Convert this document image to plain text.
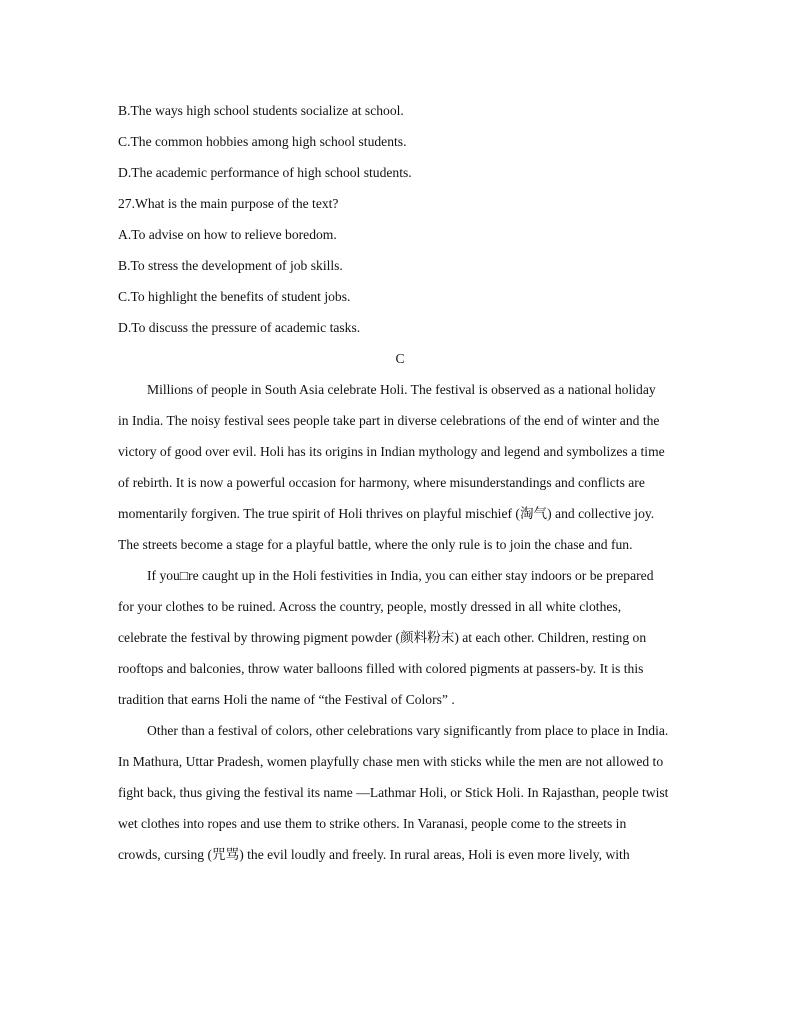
B.The ways high school students socialize at school.
C.The common hobbies among high school students.
D.The academic performance of high school students.
27.What is the main purpose of the text?
A.To advise on how to relieve boredom.
B.To stress the development of job skills.
C.To highlight the benefits of student jobs.
D.To discuss the pressure of academic tasks.
C
Millions of people in South Asia celebrate Holi. The festival is observed as a national holiday
in India. The noisy festival sees people take part in diverse celebrations of the end of winter and the
victory of good over evil. Holi has its origins in Indian mythology and legend and symbolizes a time
of rebirth. It is now a powerful occasion for harmony, where misunderstandings and conflicts are
momentarily forgiven. The true spirit of Holi thrives on playful mischief (淘气) and collective joy.
The streets become a stage for a playful battle, where the only rule is to join the chase and fun.
If you□re caught up in the Holi festivities in India, you can either stay indoors or be prepared
for your clothes to be ruined. Across the country, people, mostly dressed in all white clothes,
celebrate the festival by throwing pigment powder (颜料粉末) at each other. Children, resting on
rooftops and balconies, throw water balloons filled with colored pigments at passers-by. It is this
tradition that earns Holi the name of “the Festival of Colors” .
Other than a festival of colors, other celebrations vary significantly from place to place in India.
In Mathura, Uttar Pradesh, women playfully chase men with sticks while the men are not allowed to
fight back, thus giving the festival its name —Lathmar Holi, or Stick Holi. In Rajasthan, people twist
wet clothes into ropes and use them to strike others. In Varanasi, people come to the streets in
crowds, cursing (咒骂) the evil loudly and freely. In rural areas, Holi is even more lively, with
